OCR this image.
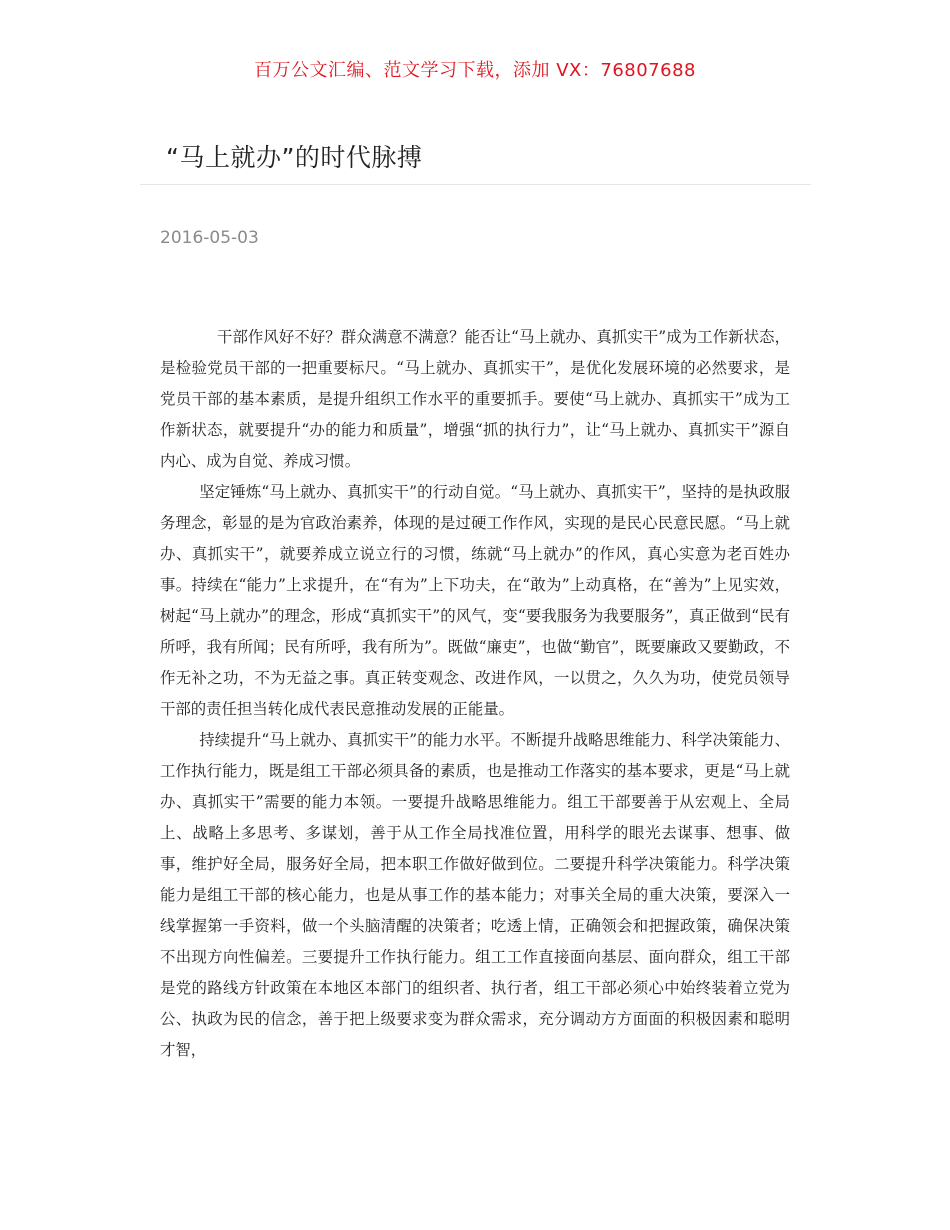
百万公文汇编、范文学习下载，添加 VX：76807688
“马上就办”的时代脉搏
2016-05-03

干部作风好不好？群众满意不满意？能否让“马上就办、真抓实干”成为工作新状态，是检验党员干部的一把重要标尺。“马上就办、真抓实干”，是优化发展环境的必然要求，是党员干部的基本素质，是提升组织工作水平的重要抓手。要使“马上就办、真抓实干”成为工作新状态，就要提升“办的能力和质量”，增强“抓的执行力”，让“马上就办、真抓实干”源自内心、成为自觉、养成习惯。

坚定锤炼“马上就办、真抓实干”的行动自觉。“马上就办、真抓实干”，坚持的是执政服务理念，彰显的是为官政治素养，体现的是过硬工作作风，实现的是民心民意民愿。“马上就办、真抓实干”，就要养成立说立行的习惯，练就“马上就办”的作风，真心实意为老百姓办事。持续在“能力”上求提升，在“有为”上下功夫，在“敢为”上动真格，在“善为”上见实效，树起“马上就办”的理念，形成“真抓实干”的风气，变“要我服务为我要服务”，真正做到“民有所呼，我有所闻；民有所呼，我有所为”。既做“廉吏”，也做“勤官”，既要廉政又要勤政，不作无补之功，不为无益之事。真正转变观念、改进作风，一以贯之，久久为功，使党员领导干部的责任担当转化成代表民意推动发展的正能量。

持续提升“马上就办、真抓实干”的能力水平。不断提升战略思维能力、科学决策能力、工作执行能力，既是组工干部必须具备的素质，也是推动工作落实的基本要求，更是“马上就办、真抓实干”需要的能力本领。一要提升战略思维能力。组工干部要善于从宏观上、全局上、战略上多思考、多谋划，善于从工作全局找准位置，用科学的眼光去谋事、想事、做事，维护好全局，服务好全局，把本职工作做好做到位。二要提升科学决策能力。科学决策能力是组工干部的核心能力，也是从事工作的基本能力；对事关全局的重大决策，要深入一线掌握第一手资料，做一个头脑清醒的决策者；吃透上情，正确领会和把握政策，确保决策不出现方向性偏差。三要提升工作执行能力。组工工作直接面向基层、面向群众，组工干部是党的路线方针政策在本地区本部门的组织者、执行者，组工干部必须心中始终装着立党为公、执政为民的信念，善于把上级要求变为群众需求，充分调动方方面面的积极因素和聪明才智，
